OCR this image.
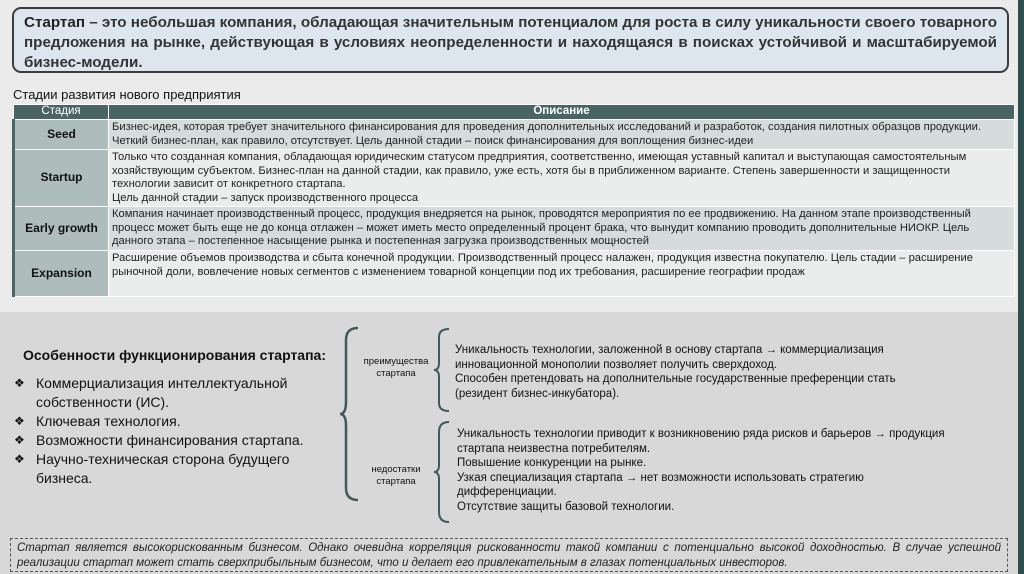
Стартап – это небольшая компания, обладающая значительным потенциалом для роста в силу уникальности своего товарного предложения на рынке, действующая в условиях неопределенности и находящаяся в поисках устойчивой и масштабируемой бизнес-модели.
Стадии развития нового предприятия
Стадия	Описание
Seed	Бизнес-идея, которая требует значительного финансирования для проведения дополнительных исследований и разработок, создания пилотных образцов продукции. Четкий бизнес-план, как правило, отсутствует. Цель данной стадии – поиск финансирования для воплощения бизнес-идеи
Startup	Только что созданная компания, обладающая юридическим статусом предприятия, соответственно, имеющая уставный капитал и выступающая самостоятельным хозяйствующим субъектом. Бизнес-план на данной стадии, как правило, уже есть, хотя бы в приближенном варианте. Степень завершенности и защищенности технологии зависит от конкретного стартапа.
Цель данной стадии – запуск производственного процесса
Early growth	Компания начинает производственный процесс, продукция внедряется на рынок, проводятся мероприятия по ее продвижению. На данном этапе производственный процесс может быть еще не до конца отлажен – может иметь место определенный процент брака, что вынудит компанию проводить дополнительные НИОКР. Цель данного этапа – постепенное насыщение рынка и постепенная загрузка производственных мощностей
Expansion	Расширение объемов производства и сбыта конечной продукции. Производственный процесс налажен, продукция известна покупателю. Цель стадии – расширение рыночной доли, вовлечение новых сегментов с изменением товарной концепции под их требования, расширение географии продаж
Особенности функционирования стартапа:
❖ Коммерциализация интеллектуальной собственности (ИС).
❖ Ключевая технология.
❖ Возможности финансирования стартапа.
❖ Научно-техническая сторона будущего бизнеса.
преимущества
стартапа
недостатки
стартапа
Уникальность технологии, заложенной в основу стартапа → коммерциализация
инновационной монополии позволяет получить сверхдоход.
Способен претендовать на дополнительные государственные преференции стать
(резидент бизнес-инкубатора).
Уникальность технологии приводит к возникновению ряда рисков и барьеров → продукция
стартапа неизвестна потребителям.
Повышение конкуренции на рынке.
Узкая специализация стартапа → нет возможности использовать стратегию
дифференциации.
Отсутствие защиты базовой технологии.
Стартап является высокорискованным бизнесом. Однако очевидна корреляция рискованности такой компании с потенциально высокой доходностью. В случае успешной реализации стартап может стать сверхприбыльным бизнесом, что и делает его привлекательным в глазах потенциальных инвесторов.
